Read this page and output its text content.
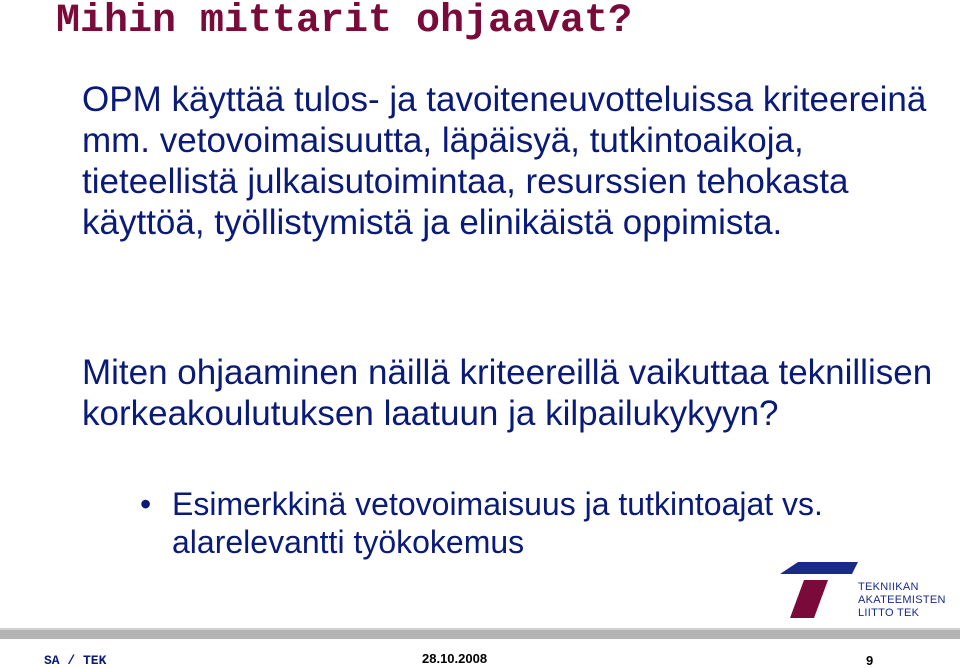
Mihin mittarit ohjaavat?
OPM käyttää tulos- ja tavoiteneuvotteluissa kriteereinä mm. vetovoimaisuutta, läpäisyä, tutkintoaikoja, tieteellistä julkaisutoimintaa, resurssien tehokasta käyttöä, työllistymistä ja elinikäistä oppimista.
Miten ohjaaminen näillä kriteereillä vaikuttaa teknillisen korkeakoulutuksen laatuun ja kilpailukykyyn?
• Esimerkkinä vetovoimaisuus ja tutkintoajat vs. alarelevantti työkokemus
TEKNIIKAN
AKATEEMISTEN
LIITTO TEK
SA / TEK	28.10.2008	9
